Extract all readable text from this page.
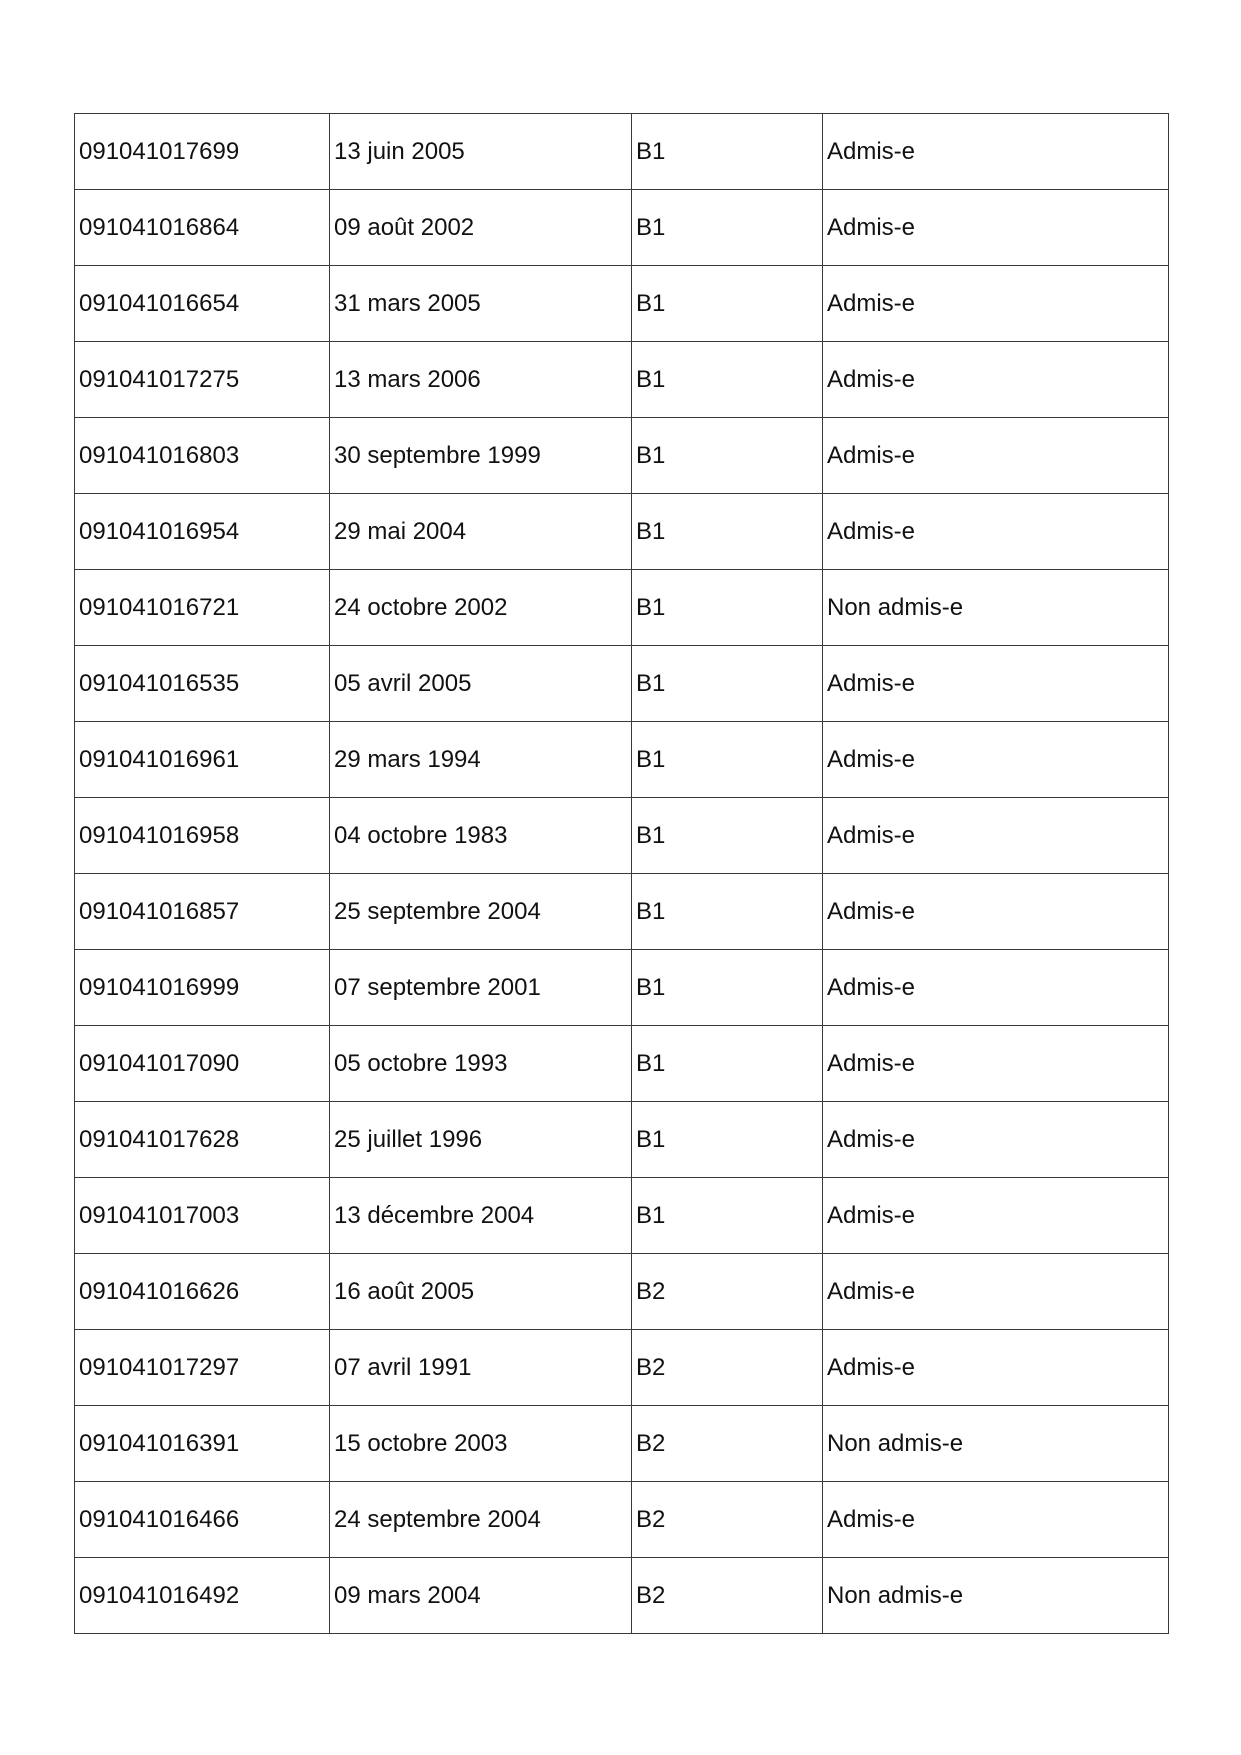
091041017699	13 juin 2005	B1	Admis-e
091041016864	09 août 2002	B1	Admis-e
091041016654	31 mars 2005	B1	Admis-e
091041017275	13 mars 2006	B1	Admis-e
091041016803	30 septembre 1999	B1	Admis-e
091041016954	29 mai 2004	B1	Admis-e
091041016721	24 octobre 2002	B1	Non admis-e
091041016535	05 avril 2005	B1	Admis-e
091041016961	29 mars 1994	B1	Admis-e
091041016958	04 octobre 1983	B1	Admis-e
091041016857	25 septembre 2004	B1	Admis-e
091041016999	07 septembre 2001	B1	Admis-e
091041017090	05 octobre 1993	B1	Admis-e
091041017628	25 juillet 1996	B1	Admis-e
091041017003	13 décembre 2004	B1	Admis-e
091041016626	16 août 2005	B2	Admis-e
091041017297	07 avril 1991	B2	Admis-e
091041016391	15 octobre 2003	B2	Non admis-e
091041016466	24 septembre 2004	B2	Admis-e
091041016492	09 mars 2004	B2	Non admis-e
